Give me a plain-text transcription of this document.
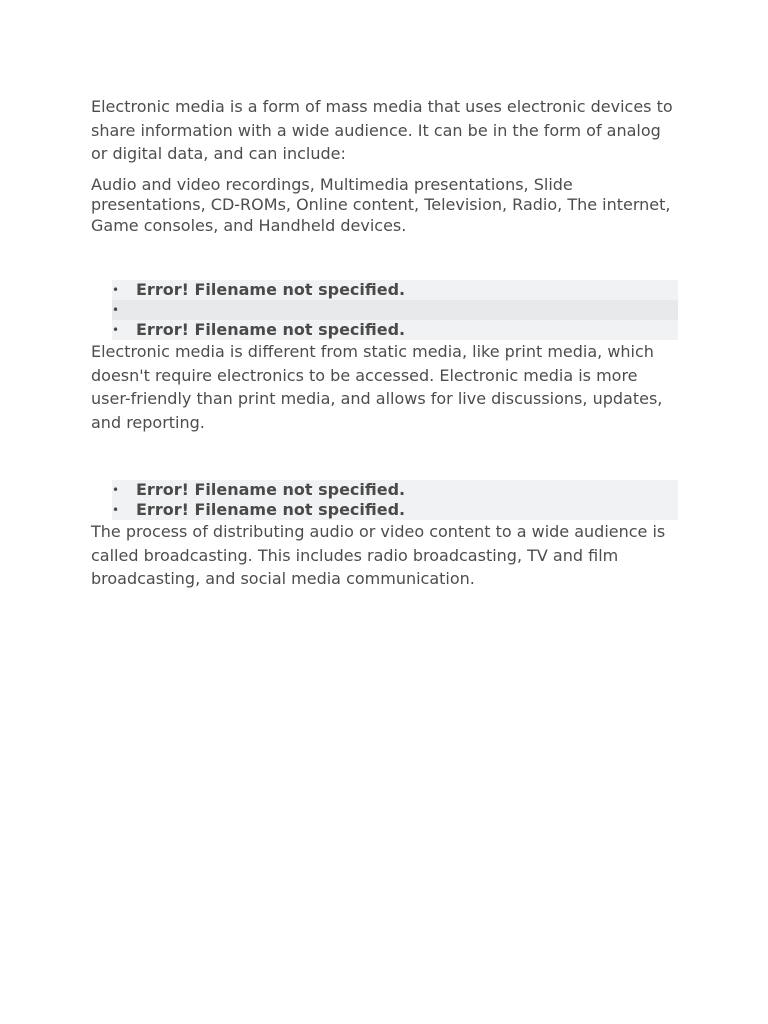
Electronic media is a form of mass media that uses electronic devices to share information with a wide audience. It can be in the form of analog or digital data, and can include:

Audio and video recordings, Multimedia presentations, Slide presentations, CD-ROMs, Online content, Television, Radio, The internet, Game consoles, and Handheld devices.

•	Error! Filename not specified.
•
•	Error! Filename not specified.

Electronic media is different from static media, like print media, which doesn't require electronics to be accessed. Electronic media is more user-friendly than print media, and allows for live discussions, updates, and reporting.

•	Error! Filename not specified.
•	Error! Filename not specified.

The process of distributing audio or video content to a wide audience is called broadcasting. This includes radio broadcasting, TV and film broadcasting, and social media communication.
